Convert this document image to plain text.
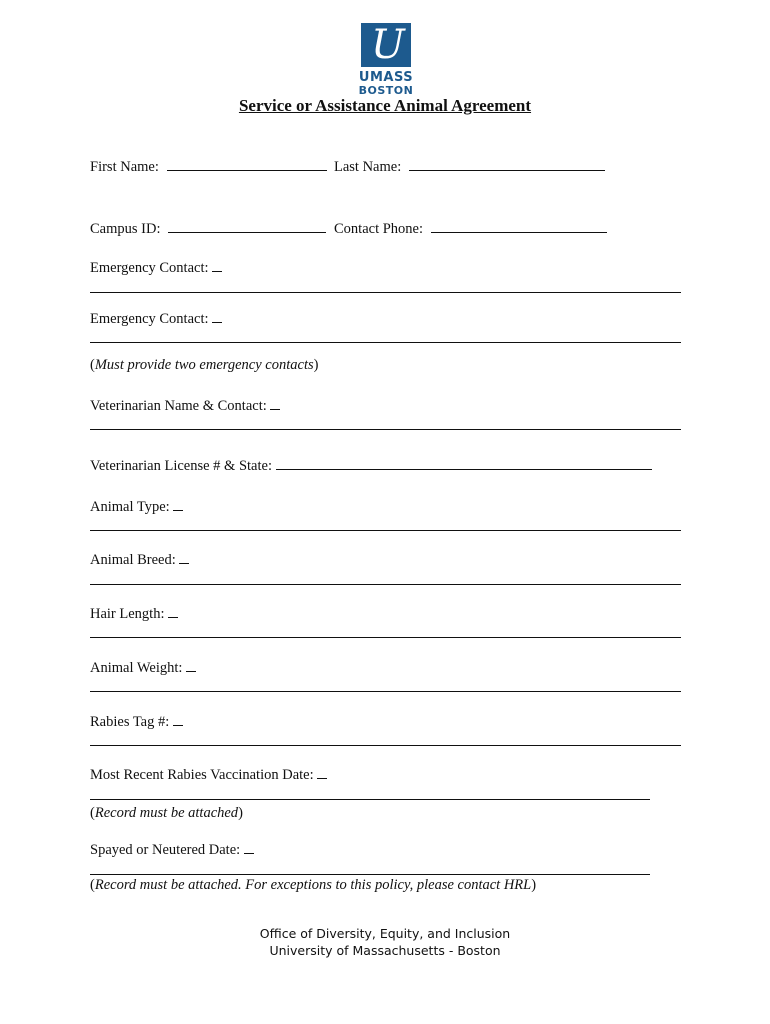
U
UMASS
BOSTON
Service or Assistance Animal Agreement
First Name:	Last Name:
Campus ID:	Contact Phone:
Emergency Contact:
Emergency Contact:
(Must provide two emergency contacts)
Veterinarian Name & Contact:
Veterinarian License # & State:
Animal Type:
Animal Breed:
Hair Length:
Animal Weight:
Rabies Tag #:
Most Recent Rabies Vaccination Date:
(Record must be attached)
Spayed or Neutered Date:
(Record must be attached. For exceptions to this policy, please contact HRL)
Office of Diversity, Equity, and Inclusion
University of Massachusetts - Boston
